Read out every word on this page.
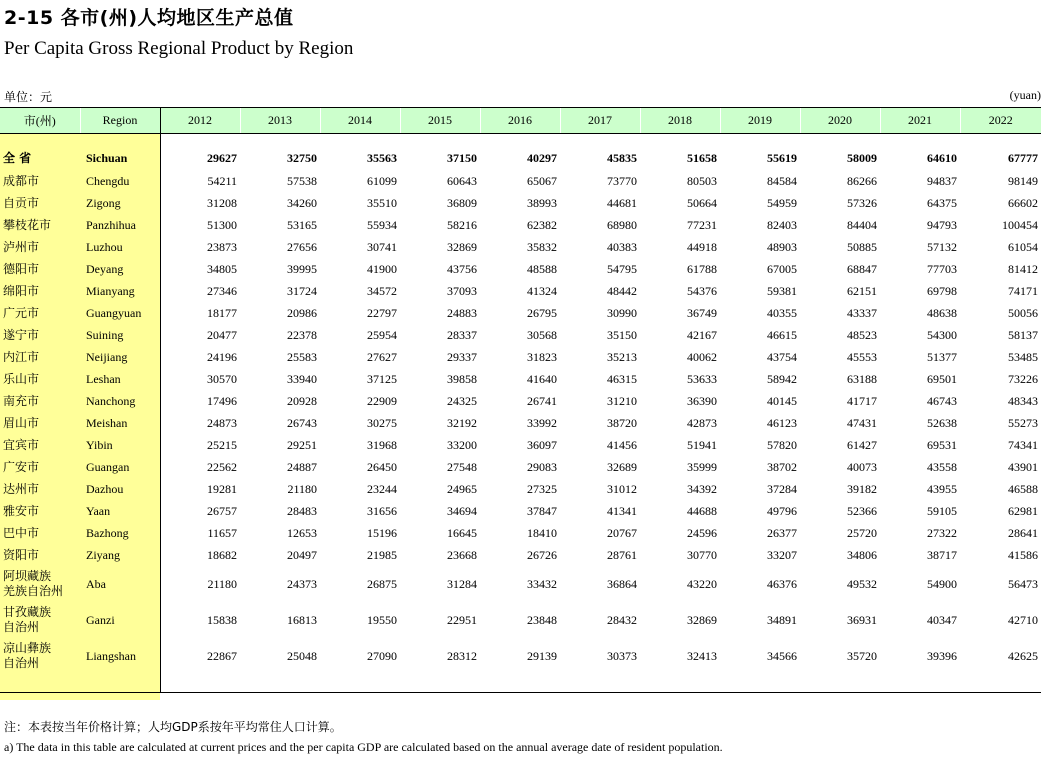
2-15 各市(州)人均地区生产总值
Per Capita Gross Regional Product by Region
单位：元	(yuan)
市(州)	Region	2012	2013	2014	2015	2016	2017	2018	2019	2020	2021	2022

全 省	Sichuan	29627	32750	35563	37150	40297	45835	51658	55619	58009	64610	67777
成都市	Chengdu	54211	57538	61099	60643	65067	73770	80503	84584	86266	94837	98149
自贡市	Zigong	31208	34260	35510	36809	38993	44681	50664	54959	57326	64375	66602
攀枝花市	Panzhihua	51300	53165	55934	58216	62382	68980	77231	82403	84404	94793	100454
泸州市	Luzhou	23873	27656	30741	32869	35832	40383	44918	48903	50885	57132	61054
德阳市	Deyang	34805	39995	41900	43756	48588	54795	61788	67005	68847	77703	81412
绵阳市	Mianyang	27346	31724	34572	37093	41324	48442	54376	59381	62151	69798	74171
广元市	Guangyuan	18177	20986	22797	24883	26795	30990	36749	40355	43337	48638	50056
遂宁市	Suining	20477	22378	25954	28337	30568	35150	42167	46615	48523	54300	58137
内江市	Neijiang	24196	25583	27627	29337	31823	35213	40062	43754	45553	51377	53485
乐山市	Leshan	30570	33940	37125	39858	41640	46315	53633	58942	63188	69501	73226
南充市	Nanchong	17496	20928	22909	24325	26741	31210	36390	40145	41717	46743	48343
眉山市	Meishan	24873	26743	30275	32192	33992	38720	42873	46123	47431	52638	55273
宜宾市	Yibin	25215	29251	31968	33200	36097	41456	51941	57820	61427	69531	74341
广安市	Guangan	22562	24887	26450	27548	29083	32689	35999	38702	40073	43558	43901
达州市	Dazhou	19281	21180	23244	24965	27325	31012	34392	37284	39182	43955	46588
雅安市	Yaan	26757	28483	31656	34694	37847	41341	44688	49796	52366	59105	62981
巴中市	Bazhong	11657	12653	15196	16645	18410	20767	24596	26377	25720	27322	28641
资阳市	Ziyang	18682	20497	21985	23668	26726	28761	30770	33207	34806	38717	41586

阿坝藏族
羌族自治州	Aba	21180	24373	26875	31284	33432	36864	43220	46376	49532	54900	56473

甘孜藏族
自治州	Ganzi	15838	16813	19550	22951	23848	28432	32869	34891	36931	40347	42710

凉山彝族
自治州	Liangshan	22867	25048	27090	28312	29139	30373	32413	34566	35720	39396	42625

注：本表按当年价格计算；人均GDP系按年平均常住人口计算。
a) The data in this table are calculated at current prices and the per capita GDP are calculated based on the annual average date of resident population.
